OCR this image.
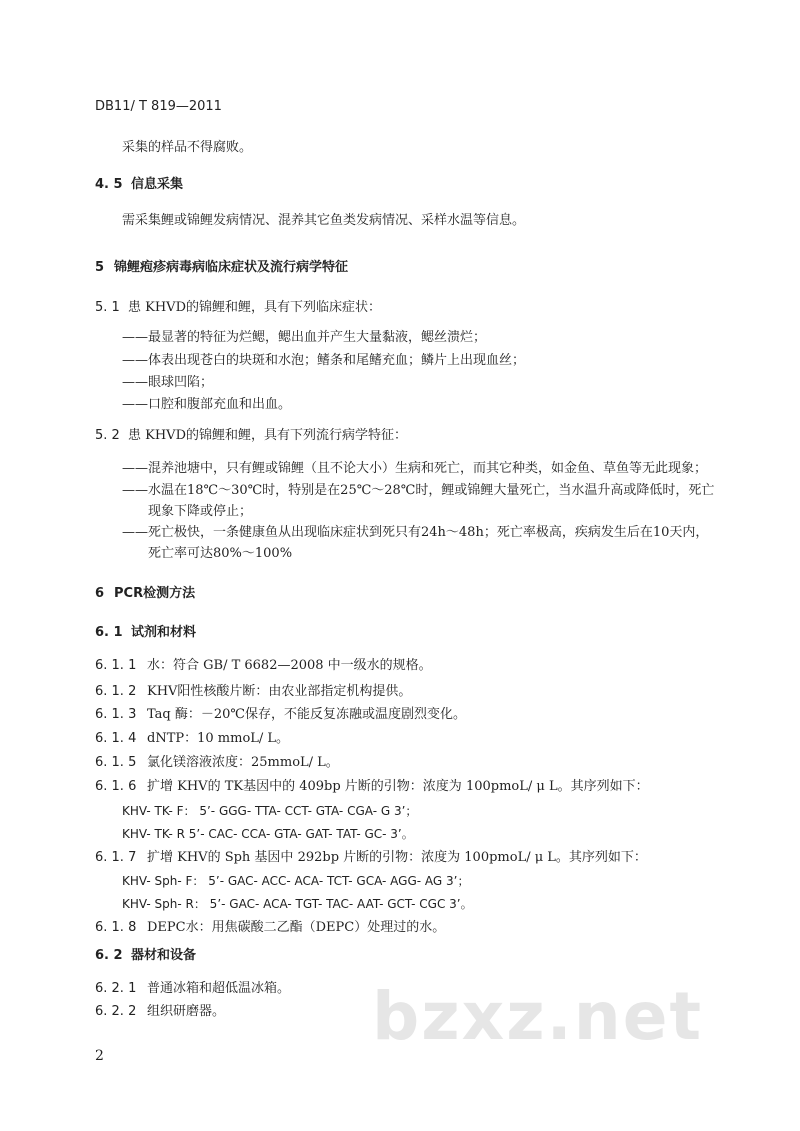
DB11/ T 819—2011
采集的样品不得腐败。
4. 5 信息采集
需采集鲤或锦鲤发病情况、混养其它鱼类发病情况、采样水温等信息。
5 锦鲤疱疹病毒病临床症状及流行病学特征
5. 1 患 KHVD的锦鲤和鲤，具有下列临床症状：
——最显著的特征为烂鳃，鳃出血并产生大量黏液，鳃丝溃烂；
——体表出现苍白的块斑和水泡；鳍条和尾鳍充血；鳞片上出现血丝；
——眼球凹陷；
——口腔和腹部充血和出血。
5. 2 患 KHVD的锦鲤和鲤，具有下列流行病学特征：
——混养池塘中，只有鲤或锦鲤（且不论大小）生病和死亡，而其它种类，如金鱼、草鱼等无此现象；
——水温在18℃～30℃时，特别是在25℃～28℃时，鲤或锦鲤大量死亡，当水温升高或降低时，死亡
现象下降或停止；
——死亡极快，一条健康鱼从出现临床症状到死只有24h～48h；死亡率极高，疾病发生后在10天内，
死亡率可达80%～100%
6 PCR检测方法
6. 1 试剂和材料
6. 1. 1 水：符合 GB/ T 6682—2008 中一级水的规格。
6. 1. 2 KHV阳性核酸片断：由农业部指定机构提供。
6. 1. 3 Taq 酶：－20℃保存，不能反复冻融或温度剧烈变化。
6. 1. 4 dNTP：10 mmoL/ L。
6. 1. 5 氯化镁溶液浓度：25mmoL/ L。
6. 1. 6 扩增 KHV的 TK基因中的 409bp 片断的引物：浓度为 100pmoL/ μ L。其序列如下：
KHV- TK- F： 5’- GGG- TTA- CCT- GTA- CGA- G 3’；
KHV- TK- R 5’- CAC- CCA- GTA- GAT- TAT- GC- 3’。
6. 1. 7 扩增 KHV的 Sph 基因中 292bp 片断的引物：浓度为 100pmoL/ μ L。其序列如下：
KHV- Sph- F： 5’- GAC- ACC- ACA- TCT- GCA- AGG- AG 3’；
KHV- Sph- R： 5’- GAC- ACA- TGT- TAC- AAT- GCT- CGC 3’。
6. 1. 8 DEPC水：用焦碳酸二乙酯（DEPC）处理过的水。
6. 2 器材和设备
6. 2. 1 普通冰箱和超低温冰箱。
6. 2. 2 组织研磨器。 bzxz.net
2
